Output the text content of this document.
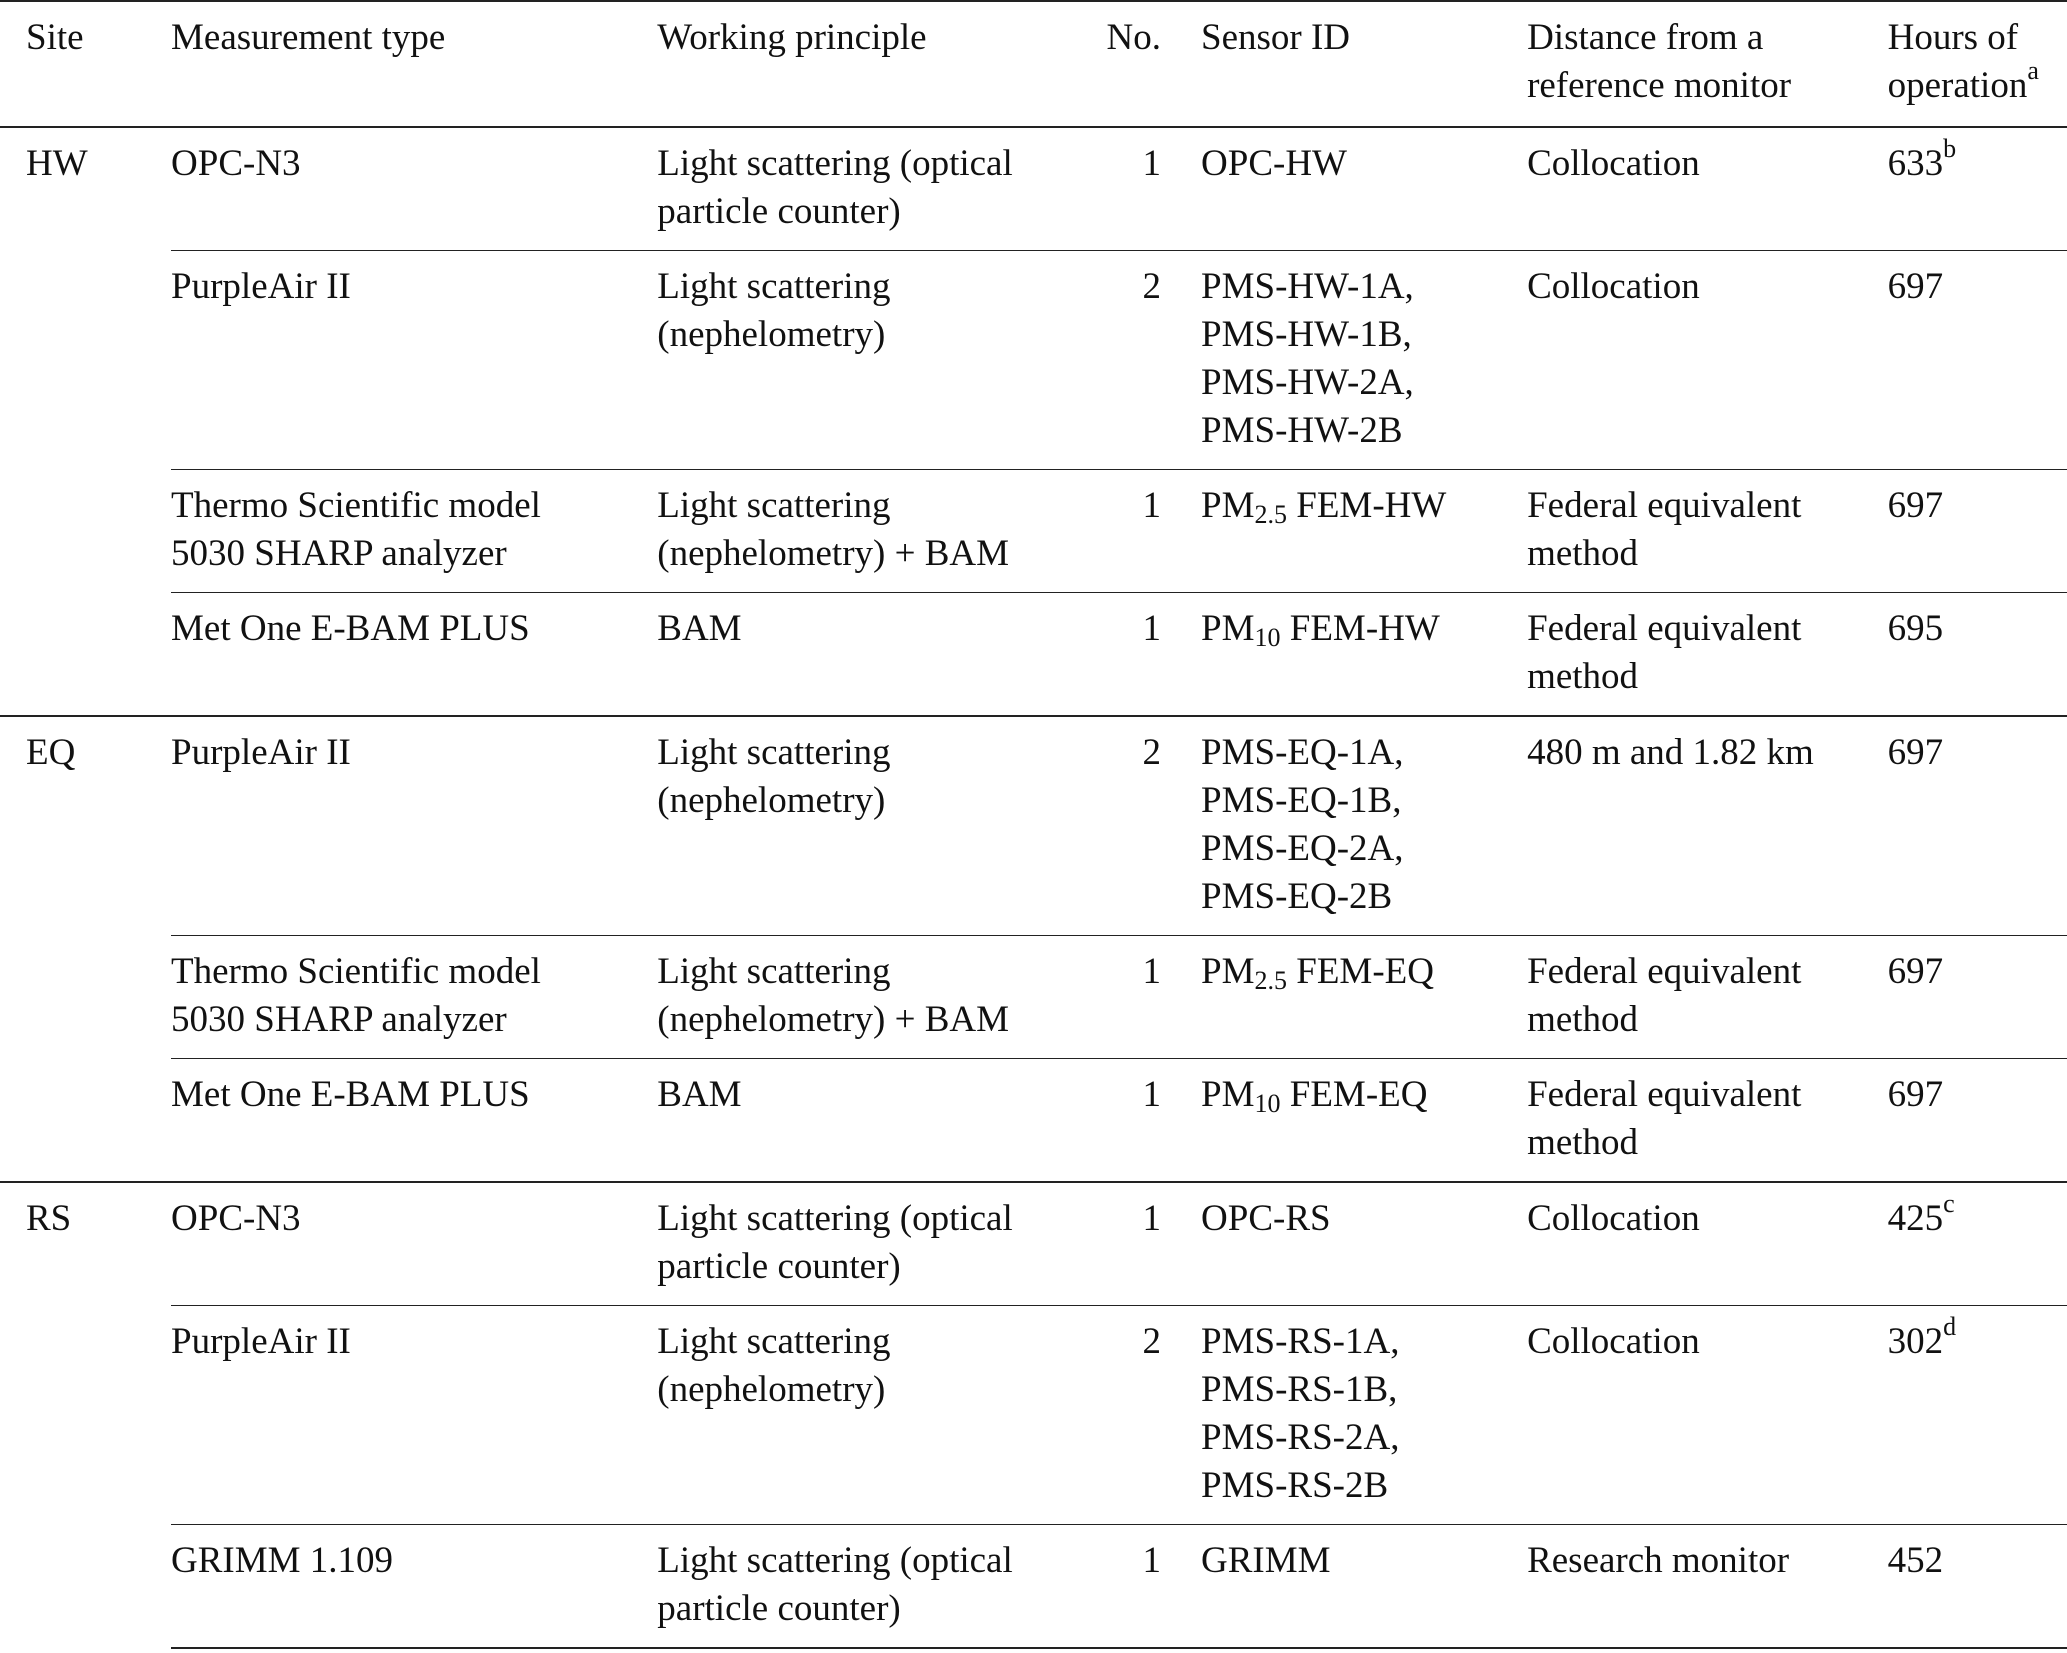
Site	Measurement type	Working principle	No.	Sensor ID	Distance from a
reference monitor	Hours of
operation$^a$

HW	OPC-N3	Light scattering (optical
particle counter)	1	OPC-HW	Collocation	633$^b$

	PurpleAir II	Light scattering
(nephelometry)	2	PMS-HW-1A,
PMS-HW-1B,
PMS-HW-2A,
PMS-HW-2B	Collocation	697

	Thermo Scientific model
5030 SHARP analyzer	Light scattering
(nephelometry) + BAM	1	$PM_{2.5}$ FEM-HW	Federal equivalent
method	697

	Met One E-BAM PLUS	BAM	1	$PM_{10}$ FEM-HW	Federal equivalent
method	695
EQ	PurpleAir II	Light scattering
(nephelometry)	2	PMS-EQ-1A,
PMS-EQ-1B,
PMS-EQ-2A,
PMS-EQ-2B	480 m and 1.82 km	697

	Thermo Scientific model
5030 SHARP analyzer	Light scattering
(nephelometry) + BAM	1	$PM_{2.5}$ FEM-EQ	Federal equivalent
method	697

	Met One E-BAM PLUS	BAM	1	$PM_{10}$ FEM-EQ	Federal equivalent
method	697
RS	OPC-N3	Light scattering (optical
particle counter)	1	OPC-RS	Collocation	425$^c$

	PurpleAir II	Light scattering
(nephelometry)	2	PMS-RS-1A,
PMS-RS-1B,
PMS-RS-2A,
PMS-RS-2B	Collocation	302$^d$

	GRIMM 1.109	Light scattering (optical
particle counter)	1	GRIMM	Research monitor	452
